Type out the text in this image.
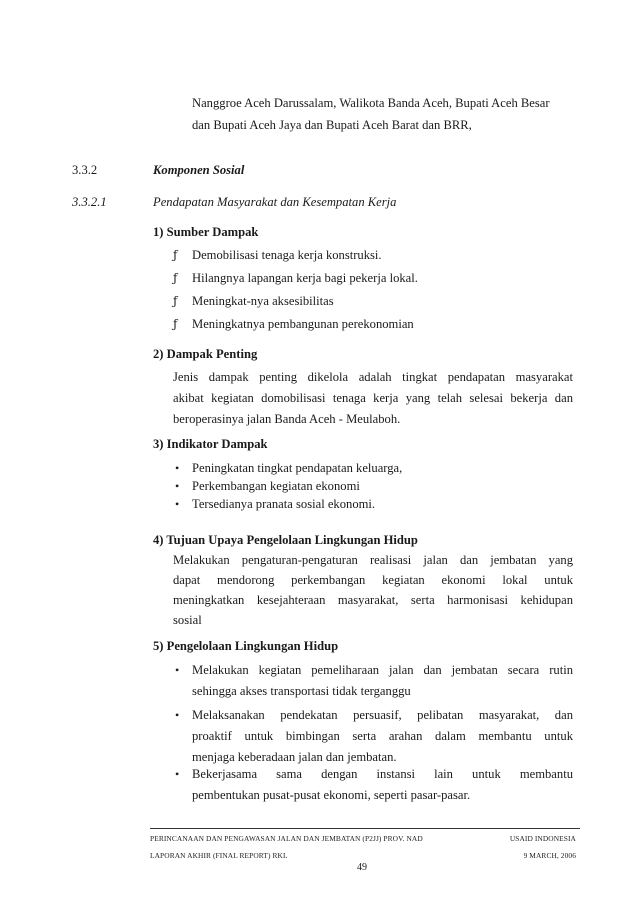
Nanggroe Aceh Darussalam, Walikota Banda Aceh, Bupati Aceh Besar
dan Bupati Aceh Jaya dan Bupati Aceh Barat dan BRR,
3.3.2	Komponen Sosial
3.3.2.1	Pendapatan Masyarakat dan Kesempatan Kerja
1) Sumber Dampak
ƒ Demobilisasi tenaga kerja konstruksi.
ƒ Hilangnya lapangan kerja bagi pekerja lokal.
ƒ Meningkat-nya aksesibilitas
ƒ Meningkatnya pembangunan perekonomian
2) Dampak Penting
Jenis dampak penting dikelola adalah tingkat pendapatan masyarakat
akibat kegiatan domobilisasi tenaga kerja yang telah selesai bekerja dan
beroperasinya jalan Banda Aceh - Meulaboh.
3) Indikator Dampak
• Peningkatan tingkat pendapatan keluarga,
• Perkembangan kegiatan ekonomi
• Tersedianya pranata sosial ekonomi.
4) Tujuan Upaya Pengelolaan Lingkungan Hidup
Melakukan pengaturan-pengaturan realisasi jalan dan jembatan yang
dapat mendorong perkembangan kegiatan ekonomi lokal untuk
meningkatkan kesejahteraan masyarakat, serta harmonisasi kehidupan
sosial
5) Pengelolaan Lingkungan Hidup
• Melakukan kegiatan pemeliharaan jalan dan jembatan secara rutin
sehingga akses transportasi tidak terganggu
• Melaksanakan pendekatan persuasif, pelibatan masyarakat, dan
proaktif untuk bimbingan serta arahan dalam membantu untuk
menjaga keberadaan jalan dan jembatan.
• Bekerjasama sama dengan instansi lain untuk membantu
pembentukan pusat-pusat ekonomi, seperti pasar-pasar.
PERINCANAAN DAN PENGAWASAN JALAN DAN JEMBATAN (P2JJ) PROV. NAD
LAPORAN AKHIR (FINAL REPORT) RKL
USAID INDONESIA
9 MARCH, 2006
49
